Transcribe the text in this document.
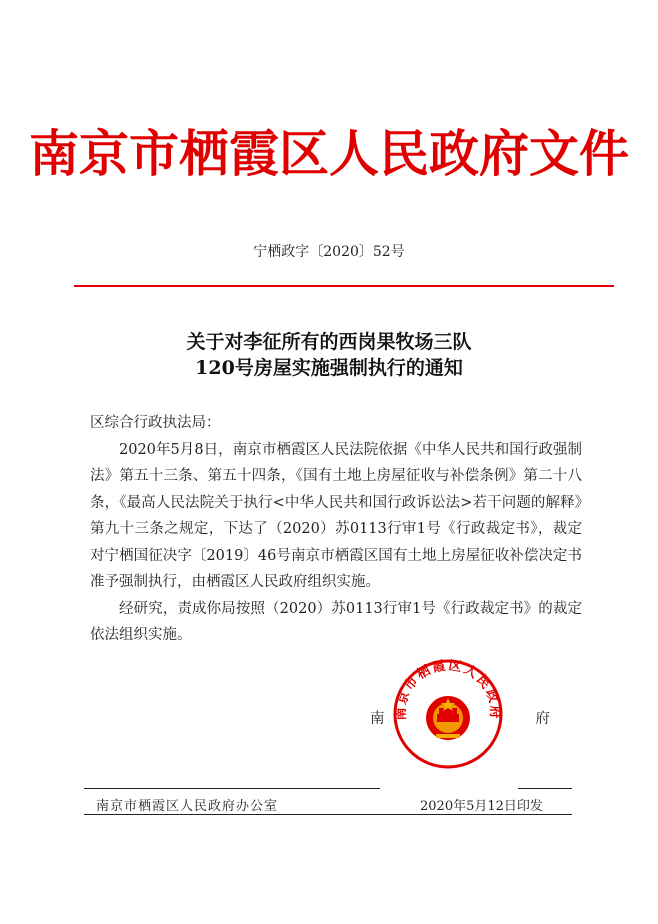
南京市栖霞区人民政府文件
宁栖政字〔2020〕52号
关于对李征所有的西岗果牧场三队
120号房屋实施强制执行的通知

区综合行政执法局：

2020年5月8日，南京市栖霞区人民法院依据《中华人民共和国行政强制法》第五十三条、第五十四条，《国有土地上房屋征收与补偿条例》第二十八条，《最高人民法院关于执行<中华人民共和国行政诉讼法>若干问题的解释》第九十三条之规定，下达了（2020）苏0113行审1号《行政裁定书》，裁定对宁栖国征决字〔2019〕46号南京市栖霞区国有土地上房屋征收补偿决定书准予强制执行，由栖霞区人民政府组织实施。

经研究，责成你局按照（2020）苏0113行审1号《行政裁定书》的裁定依法组织实施。

南	府
南京市栖霞区人民政府
南京市栖霞区人民政府办公室	2020年5月12日印发
